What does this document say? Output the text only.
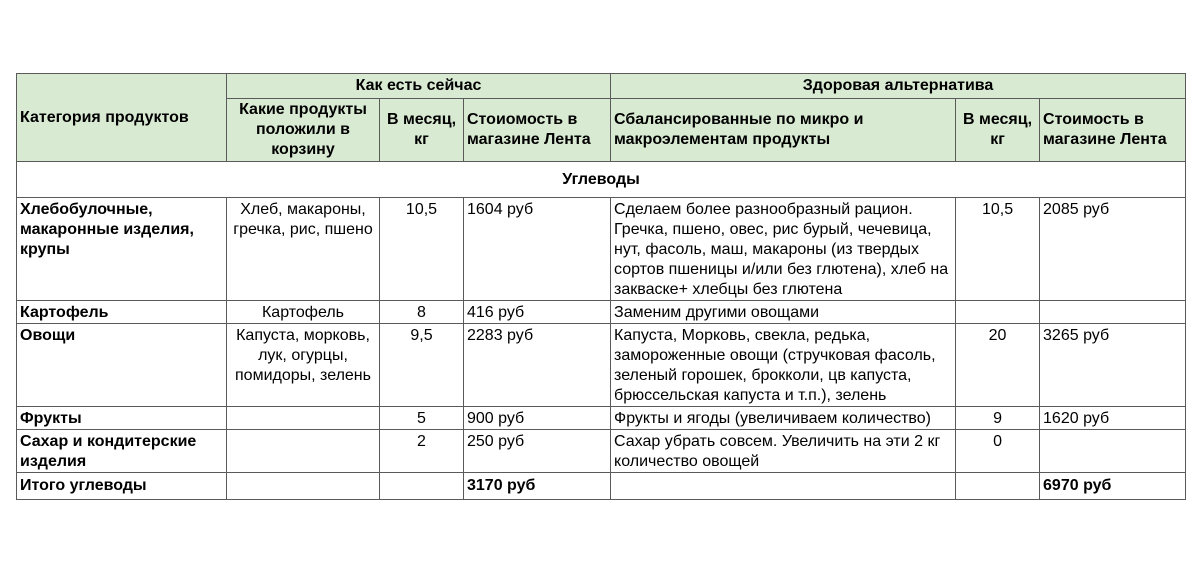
Категория продуктов	Как есть сейчас			Здоровая альтернатива		
	Какие продукты положили в корзину	В месяц, кг	Стоиомость в магазине Лента	Сбалансированные по микро и макроэлементам продукты	В месяц, кг	Стоимость в магазине Лента
Углеводы						
Хлебобулочные, макаронные изделия, крупы	Хлеб, макароны, гречка, рис, пшено	10,5	1604 руб	Сделаем более разнообразный рацион. Гречка, пшено, овес, рис бурый, чечевица, нут, фасоль, маш, макароны (из твердых сортов пшеницы и/или без глютена), хлеб на закваске+ хлебцы без глютена	10,5	2085 руб
Картофель	Картофель	8	416 руб	Заменим другими овощами		
Овощи	Капуста, морковь, лук, огурцы, помидоры, зелень	9,5	2283 руб	Капуста, Морковь, свекла, редька, замороженные овощи (стручковая фасоль, зеленый горошек, брокколи, цв капуста, брюссельская капуста и т.п.), зелень	20	3265 руб
Фрукты		5	900 руб	Фрукты и ягоды (увеличиваем количество)	9	1620 руб
Сахар и кондитерские изделия		2	250 руб	Сахар убрать совсем. Увеличить на эти 2 кг количество овощей	0	
Итого углеводы			3170 руб			6970 руб
